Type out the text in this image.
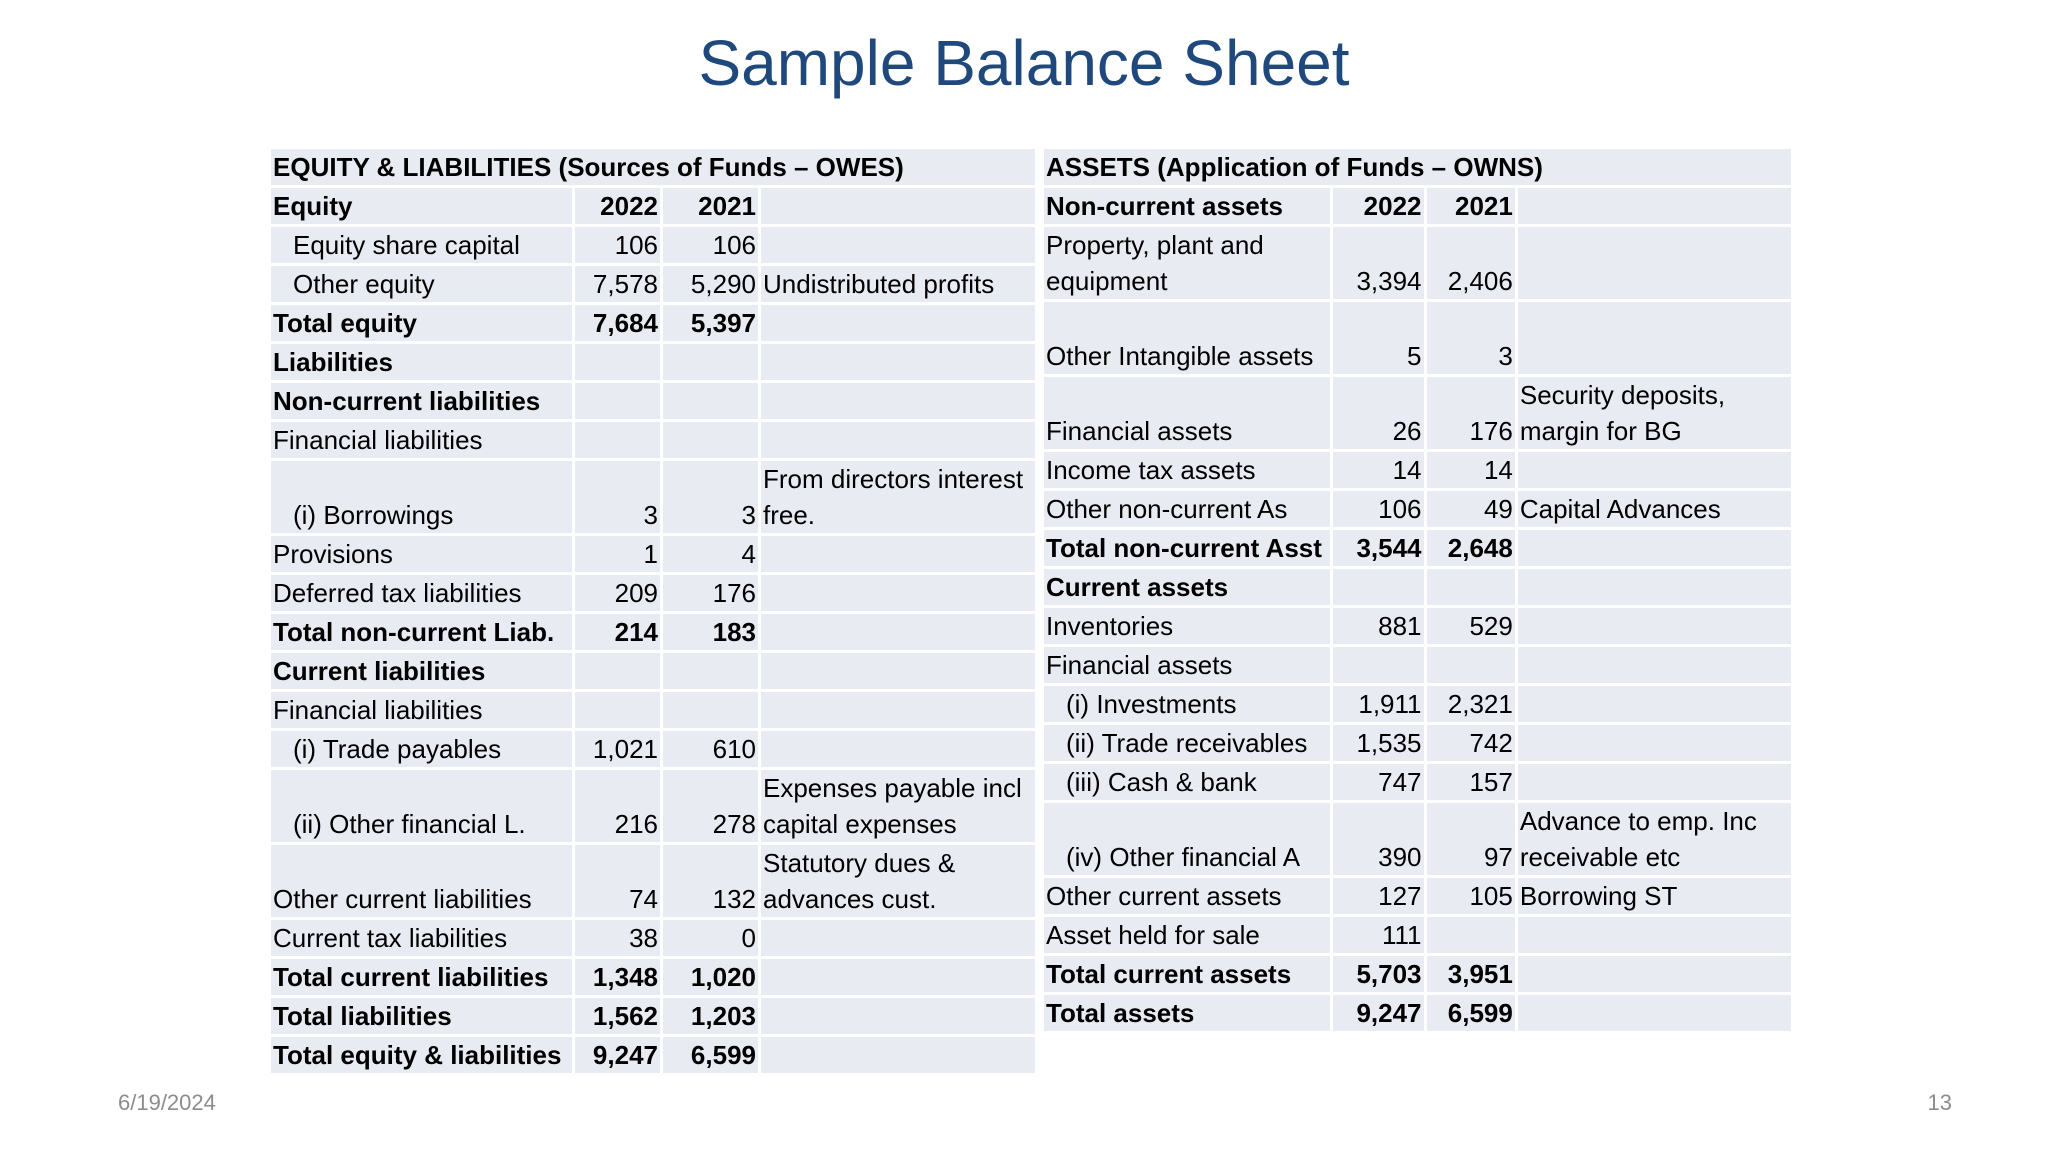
Sample Balance Sheet
EQUITY & LIABILITIES (Sources of Funds – OWES)			
Equity	2022	2021	
Equity share capital	106	106	
Other equity	7,578	5,290	Undistributed profits
Total equity	7,684	5,397	
Liabilities			
Non-current liabilities			
Financial liabilities			
(i) Borrowings	3	3	From directors interest free.
Provisions	1	4	
Deferred tax liabilities	209	176	
Total non-current Liab.	214	183	
Current liabilities			
Financial liabilities			
(i) Trade payables	1,021	610	
(ii) Other financial L.	216	278	Expenses payable incl capital expenses
Other current liabilities	74	132	Statutory dues & advances cust.
Current tax liabilities	38	0	
Total current liabilities	1,348	1,020	
Total liabilities	1,562	1,203	
Total equity & liabilities	9,247	6,599	
ASSETS (Application of Funds – OWNS)			
Non-current assets	2022	2021	
Property, plant and equipment	3,394	2,406	
Other Intangible assets	5	3	
Financial assets	26	176	Security deposits, margin for BG
Income tax assets	14	14	
Other non-current As	106	49	Capital Advances
Total non-current Asst	3,544	2,648	
Current assets			
Inventories	881	529	
Financial assets			
(i) Investments	1,911	2,321	
(ii) Trade receivables	1,535	742	
(iii) Cash & bank	747	157	
(iv) Other financial A	390	97	Advance to emp. Inc receivable etc
Other current assets	127	105	Borrowing ST
Asset held for sale	111		
Total current assets	5,703	3,951	
Total assets	9,247	6,599	
6/19/2024	13
